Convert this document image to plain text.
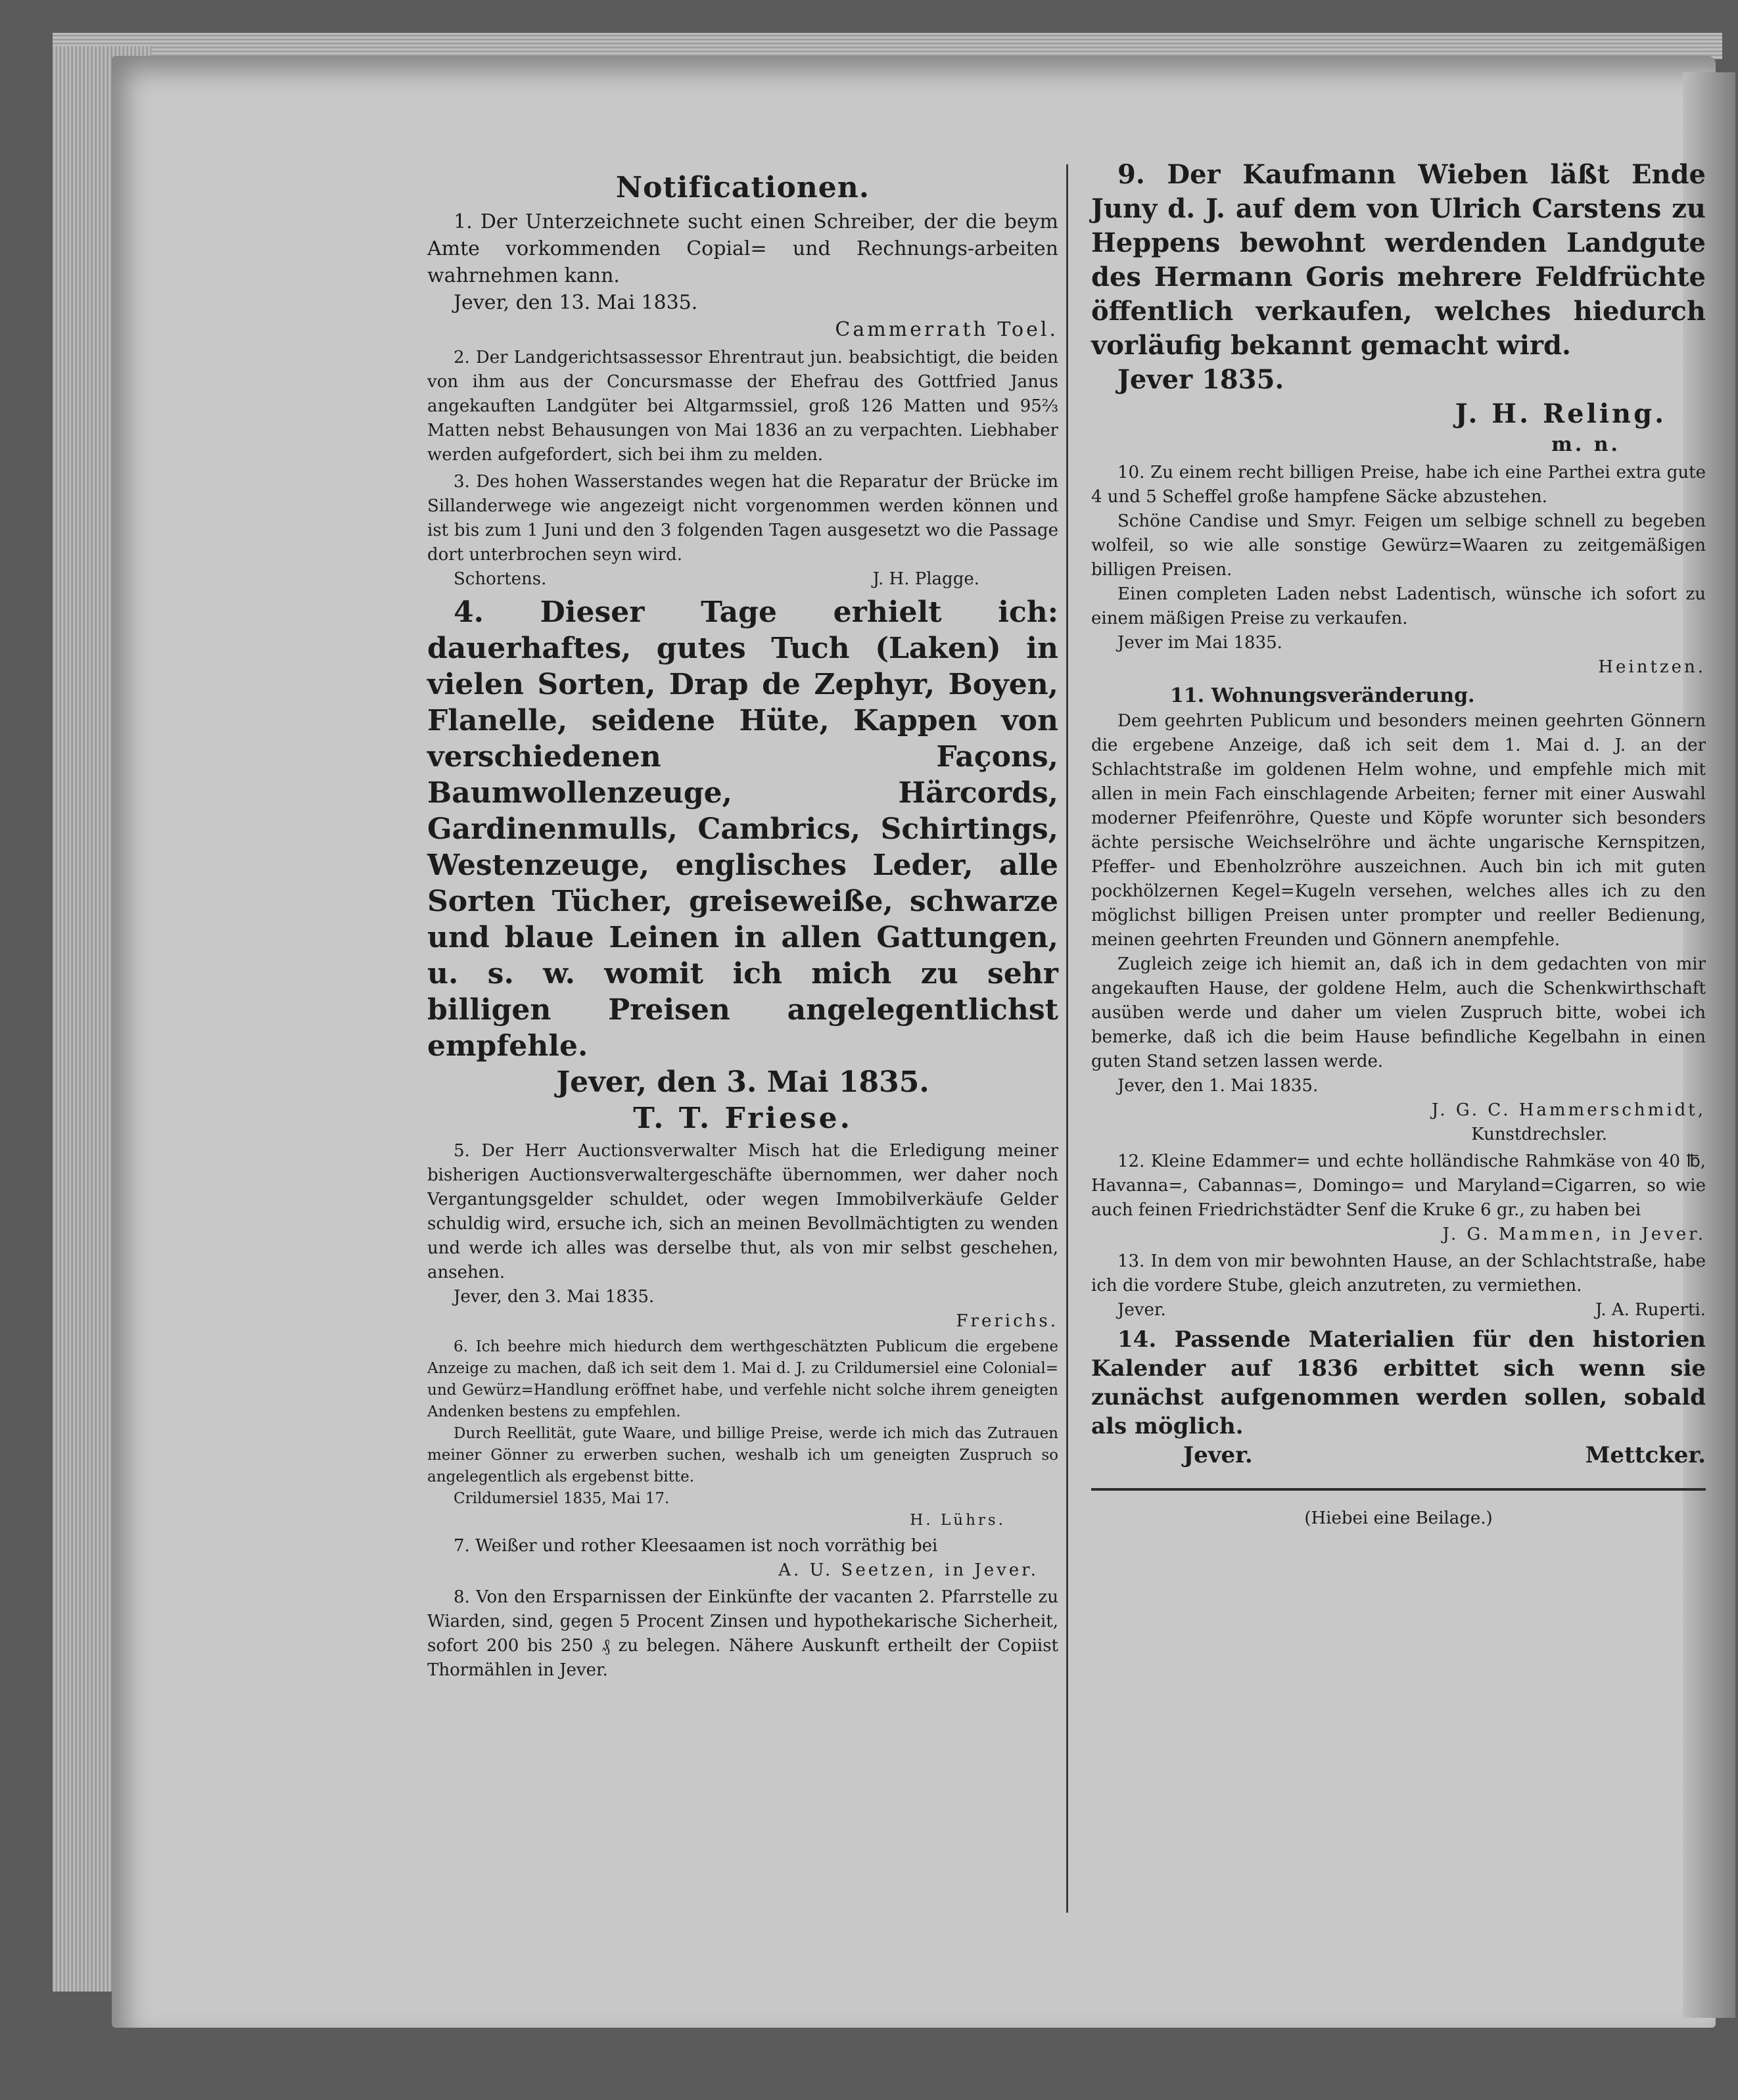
Notificationen.

1. Der Unterzeichnete sucht einen Schreiber, der die beym Amte vorkommenden Copial= und Rechnungs-arbeiten wahrnehmen kann.

Jever, den 13. Mai 1835.

Cammerrath Toel.

2. Der Landgerichtsassessor Ehrentraut jun. beabsichtigt, die beiden von ihm aus der Concursmasse der Ehefrau des Gottfried Janus angekauften Landgüter bei Altgarmssiel, groß 126 Matten und 95⅔ Matten nebst Behausungen von Mai 1836 an zu verpachten. Liebhaber werden aufgefordert, sich bei ihm zu melden.

3. Des hohen Wasserstandes wegen hat die Reparatur der Brücke im Sillanderwege wie angezeigt nicht vorgenommen werden können und ist bis zum 1 Juni und den 3 folgenden Tagen ausgesetzt wo die Passage dort unterbrochen seyn wird.

Schortens.	J. H. Plagge.

4. Dieser Tage erhielt ich: dauerhaftes, gutes Tuch (Laken) in vielen Sorten, Drap de Zephyr, Boyen, Flanelle, seidene Hüte, Kappen von verschiedenen Façons, Baumwollenzeuge, Härcords, Gardinenmulls, Cambrics, Schirtings, Westenzeuge, englisches Leder, alle Sorten Tücher, greiseweiße, schwarze und blaue Leinen in allen Gattungen, u. s. w. womit ich mich zu sehr billigen Preisen angelegentlichst empfehle.

Jever, den 3. Mai 1835.

T. T. Friese.

5. Der Herr Auctionsverwalter Misch hat die Erledigung meiner bisherigen Auctionsverwaltergeschäfte übernommen, wer daher noch Vergantungsgelder schuldet, oder wegen Immobilverkäufe Gelder schuldig wird, ersuche ich, sich an meinen Bevollmächtigten zu wenden und werde ich alles was derselbe thut, als von mir selbst geschehen, ansehen.

Jever, den 3. Mai 1835.

Frerichs.

6. Ich beehre mich hiedurch dem werthgeschätzten Publicum die ergebene Anzeige zu machen, daß ich seit dem 1. Mai d. J. zu Crildumersiel eine Colonial= und Gewürz=Handlung eröffnet habe, und verfehle nicht solche ihrem geneigten Andenken bestens zu empfehlen.

Durch Reellität, gute Waare, und billige Preise, werde ich mich das Zutrauen meiner Gönner zu erwerben suchen, weshalb ich um geneigten Zuspruch so angelegentlich als ergebenst bitte.

Crildumersiel 1835, Mai 17.

H. Lührs.

7. Weißer und rother Kleesaamen ist noch vorräthig bei

A. U. Seetzen, in Jever.

8. Von den Ersparnissen der Einkünfte der vacanten 2. Pfarrstelle zu Wiarden, sind, gegen 5 Procent Zinsen und hypothekarische Sicherheit, sofort 200 bis 250 ₰ zu belegen. Nähere Auskunft ertheilt der Copiist Thormählen in Jever.

9. Der Kaufmann Wieben läßt Ende Juny d. J. auf dem von Ulrich Carstens zu Heppens bewohnt werdenden Landgute des Hermann Goris mehrere Feldfrüchte öffentlich verkaufen, welches hiedurch vorläufig bekannt gemacht wird.

Jever 1835.

J. H. Reling.

m. n.

10. Zu einem recht billigen Preise, habe ich eine Parthei extra gute 4 und 5 Scheffel große hampfene Säcke abzustehen.

Schöne Candise und Smyr. Feigen um selbige schnell zu begeben wolfeil, so wie alle sonstige Gewürz=Waaren zu zeitgemäßigen billigen Preisen.

Einen completen Laden nebst Ladentisch, wünsche ich sofort zu einem mäßigen Preise zu verkaufen.

Jever im Mai 1835.

Heintzen.

11. Wohnungsveränderung.

Dem geehrten Publicum und besonders meinen geehrten Gönnern die ergebene Anzeige, daß ich seit dem 1. Mai d. J. an der Schlachtstraße im goldenen Helm wohne, und empfehle mich mit allen in mein Fach einschlagende Arbeiten; ferner mit einer Auswahl moderner Pfeifenröhre, Queste und Köpfe worunter sich besonders ächte persische Weichselröhre und ächte ungarische Kernspitzen, Pfeffer- und Ebenholzröhre auszeichnen. Auch bin ich mit guten pockhölzernen Kegel=Kugeln versehen, welches alles ich zu den möglichst billigen Preisen unter prompter und reeller Bedienung, meinen geehrten Freunden und Gönnern anempfehle.

Zugleich zeige ich hiemit an, daß ich in dem gedachten von mir angekauften Hause, der goldene Helm, auch die Schenkwirthschaft ausüben werde und daher um vielen Zuspruch bitte, wobei ich bemerke, daß ich die beim Hause befindliche Kegelbahn in einen guten Stand setzen lassen werde.

Jever, den 1. Mai 1835.

J. G. C. Hammerschmidt,

Kunstdrechsler.

12. Kleine Edammer= und echte holländische Rahmkäse von 40 ℔, Havanna=, Cabannas=, Domingo= und Maryland=Cigarren, so wie auch feinen Friedrichstädter Senf die Kruke 6 gr., zu haben bei

J. G. Mammen, in Jever.

13. In dem von mir bewohnten Hause, an der Schlachtstraße, habe ich die vordere Stube, gleich anzutreten, zu vermiethen.

Jever.	J. A. Ruperti.

14. Passende Materialien für den historien Kalender auf 1836 erbittet sich wenn sie zunächst aufgenommen werden sollen, sobald als möglich.

Jever.	Mettcker.

(Hiebei eine Beilage.)
